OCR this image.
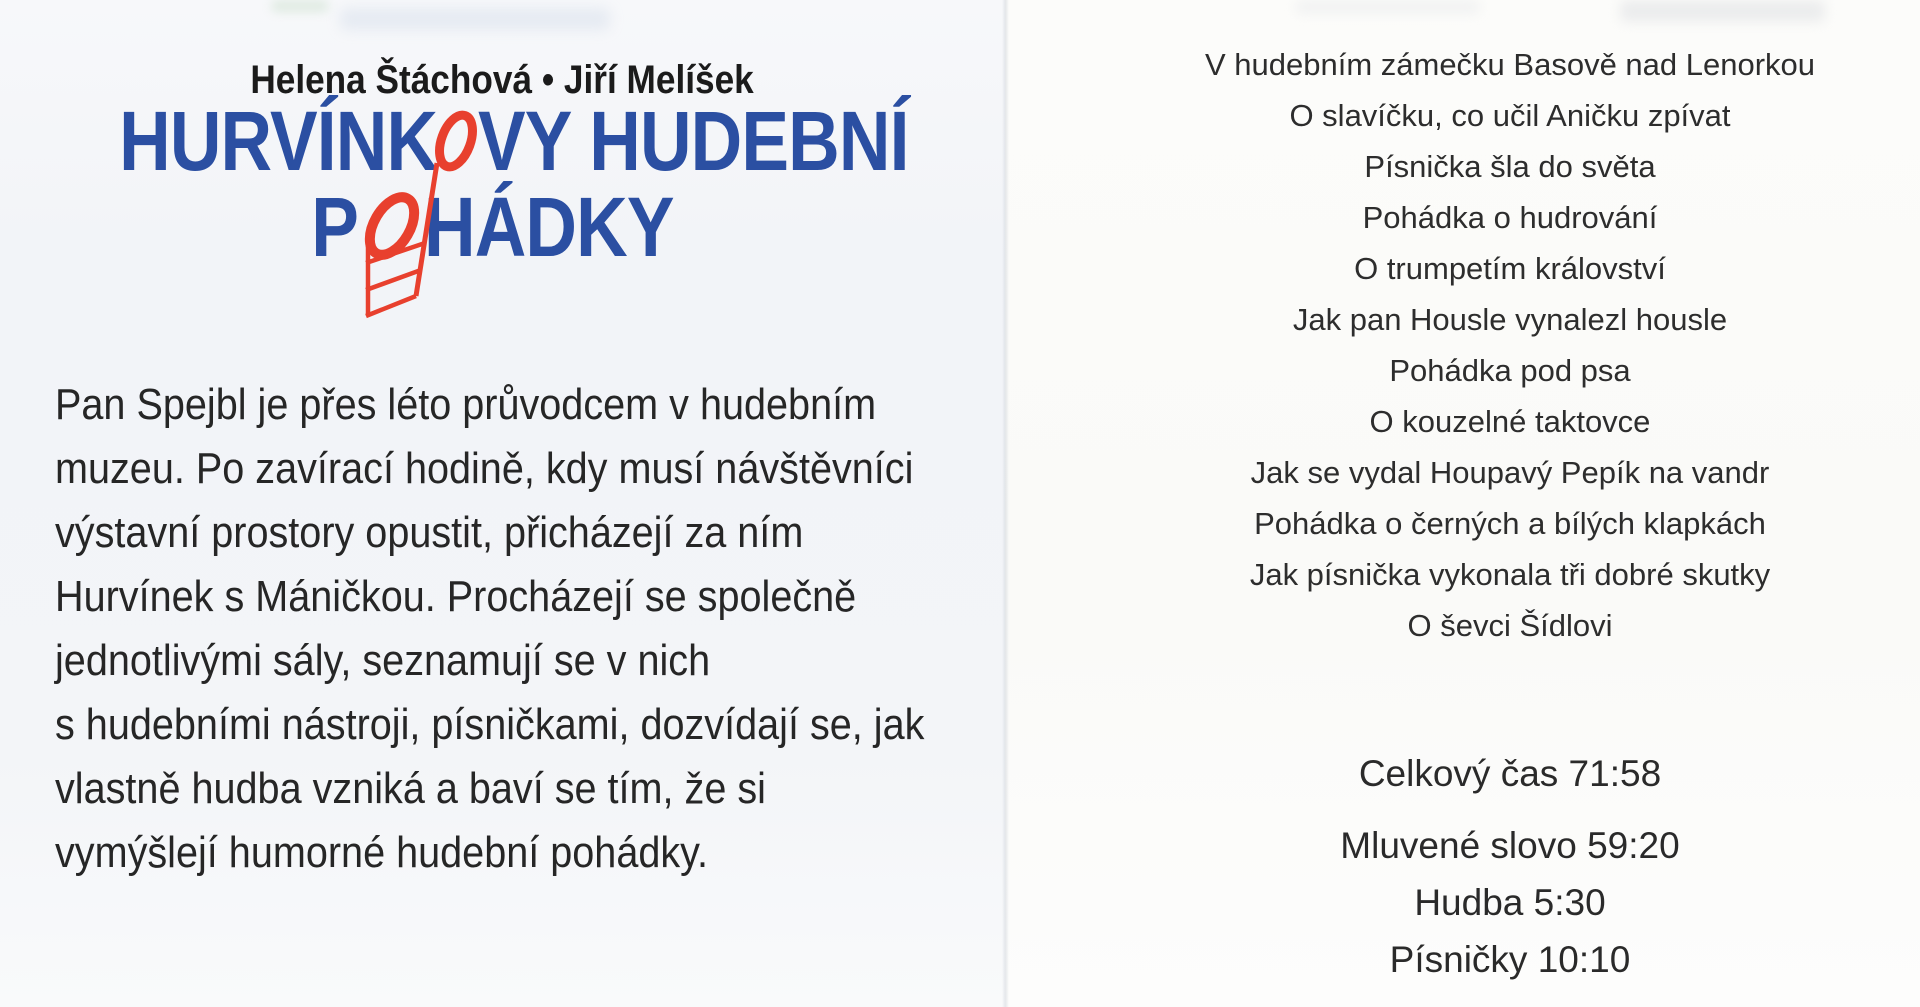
Helena Štáchová • Jiří Melíšek
HURVÍNK VY HUDEBNÍ
P HÁDKY
Pan Spejbl je přes léto průvodcem v hudebním
muzeu. Po zavírací hodině, kdy musí návštěvníci
výstavní prostory opustit, přicházejí za ním
Hurvínek s Máničkou. Procházejí se společně
jednotlivými sály, seznamují se v nich
s hudebními nástroji, písničkami, dozvídají se, jak
vlastně hudba vzniká a baví se tím, že si
vymýšlejí humorné hudební pohádky.
V hudebním zámečku Basově nad Lenorkou
O slavíčku, co učil Aničku zpívat
Písnička šla do světa
Pohádka o hudrování
O trumpetím království
Jak pan Housle vynalezl housle
Pohádka pod psa
O kouzelné taktovce
Jak se vydal Houpavý Pepík na vandr
Pohádka o černých a bílých klapkách
Jak písnička vykonala tři dobré skutky
O ševci Šídlovi
Celkový čas 71:58
Mluvené slovo 59:20
Hudba 5:30
Písničky 10:10
